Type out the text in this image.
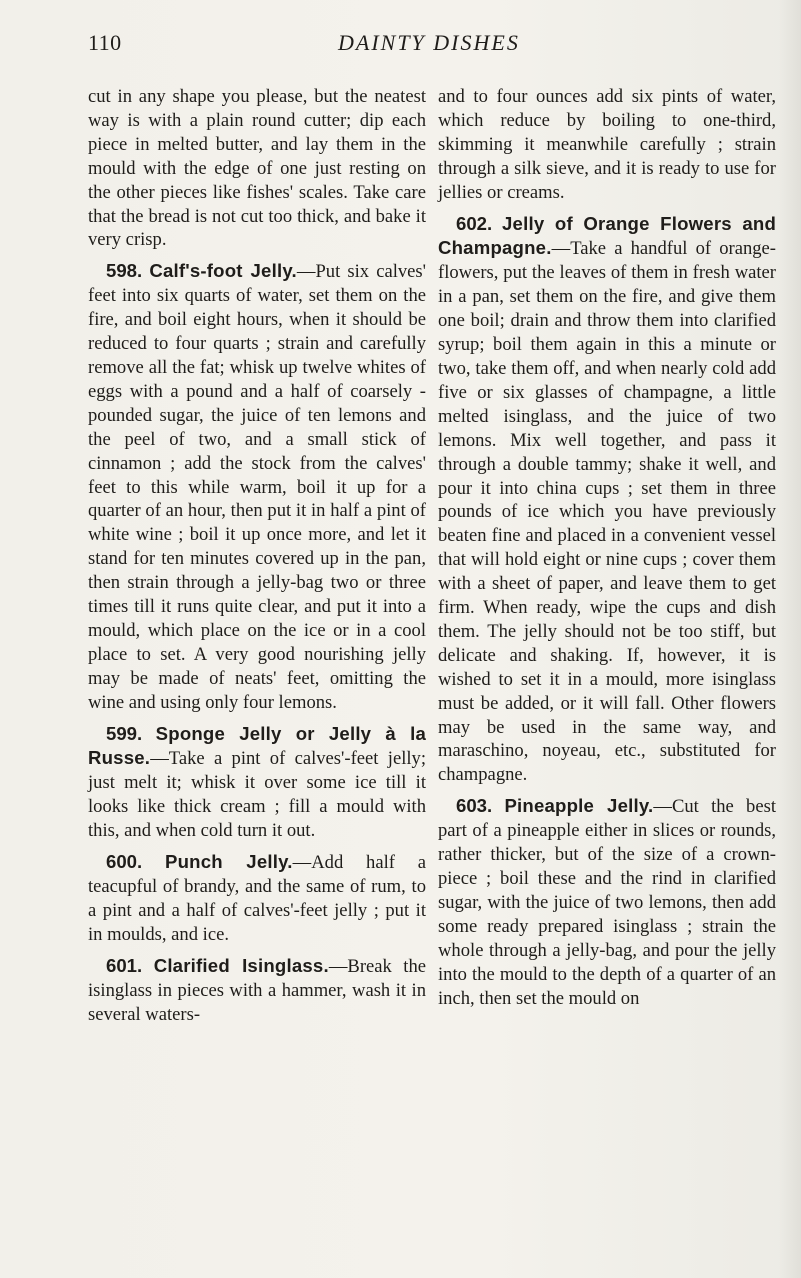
110	DAINTY DISHES

cut in any shape you please, but the neatest way is with a plain round cutter; dip each piece in melted butter, and lay them in the mould with the edge of one just resting on the other pieces like fishes' scales. Take care that the bread is not cut too thick, and bake it very crisp.

598. Calf's-foot Jelly.—Put six calves' feet into six quarts of water, set them on the fire, and boil eight hours, when it should be reduced to four quarts ; strain and carefully remove all the fat; whisk up twelve whites of eggs with a pound and a half of coarsely - pounded sugar, the juice of ten lemons and the peel of two, and a small stick of cinnamon ; add the stock from the calves' feet to this while warm, boil it up for a quarter of an hour, then put it in half a pint of white wine ; boil it up once more, and let it stand for ten minutes covered up in the pan, then strain through a jelly-bag two or three times till it runs quite clear, and put it into a mould, which place on the ice or in a cool place to set. A very good nourishing jelly may be made of neats' feet, omitting the wine and using only four lemons.

599. Sponge Jelly or Jelly à la Russe.—Take a pint of calves'-feet jelly; just melt it; whisk it over some ice till it looks like thick cream ; fill a mould with this, and when cold turn it out.

600. Punch Jelly.—Add half a teacupful of brandy, and the same of rum, to a pint and a half of calves'-feet jelly ; put it in moulds, and ice.

601. Clarified Isinglass.—Break the isinglass in pieces with a hammer, wash it in several waters-

and to four ounces add six pints of water, which reduce by boiling to one-third, skimming it meanwhile carefully ; strain through a silk sieve, and it is ready to use for jellies or creams.

602. Jelly of Orange Flowers and Champagne.—Take a handful of orange-flowers, put the leaves of them in fresh water in a pan, set them on the fire, and give them one boil; drain and throw them into clarified syrup; boil them again in this a minute or two, take them off, and when nearly cold add five or six glasses of champagne, a little melted isinglass, and the juice of two lemons. Mix well together, and pass it through a double tammy; shake it well, and pour it into china cups ; set them in three pounds of ice which you have previously beaten fine and placed in a convenient vessel that will hold eight or nine cups ; cover them with a sheet of paper, and leave them to get firm. When ready, wipe the cups and dish them. The jelly should not be too stiff, but delicate and shaking. If, however, it is wished to set it in a mould, more isinglass must be added, or it will fall. Other flowers may be used in the same way, and maraschino, noyeau, etc., substituted for champagne.

603. Pineapple Jelly.—Cut the best part of a pineapple either in slices or rounds, rather thicker, but of the size of a crown-piece ; boil these and the rind in clarified sugar, with the juice of two lemons, then add some ready prepared isinglass ; strain the whole through a jelly-bag, and pour the jelly into the mould to the depth of a quarter of an inch, then set the mould on
